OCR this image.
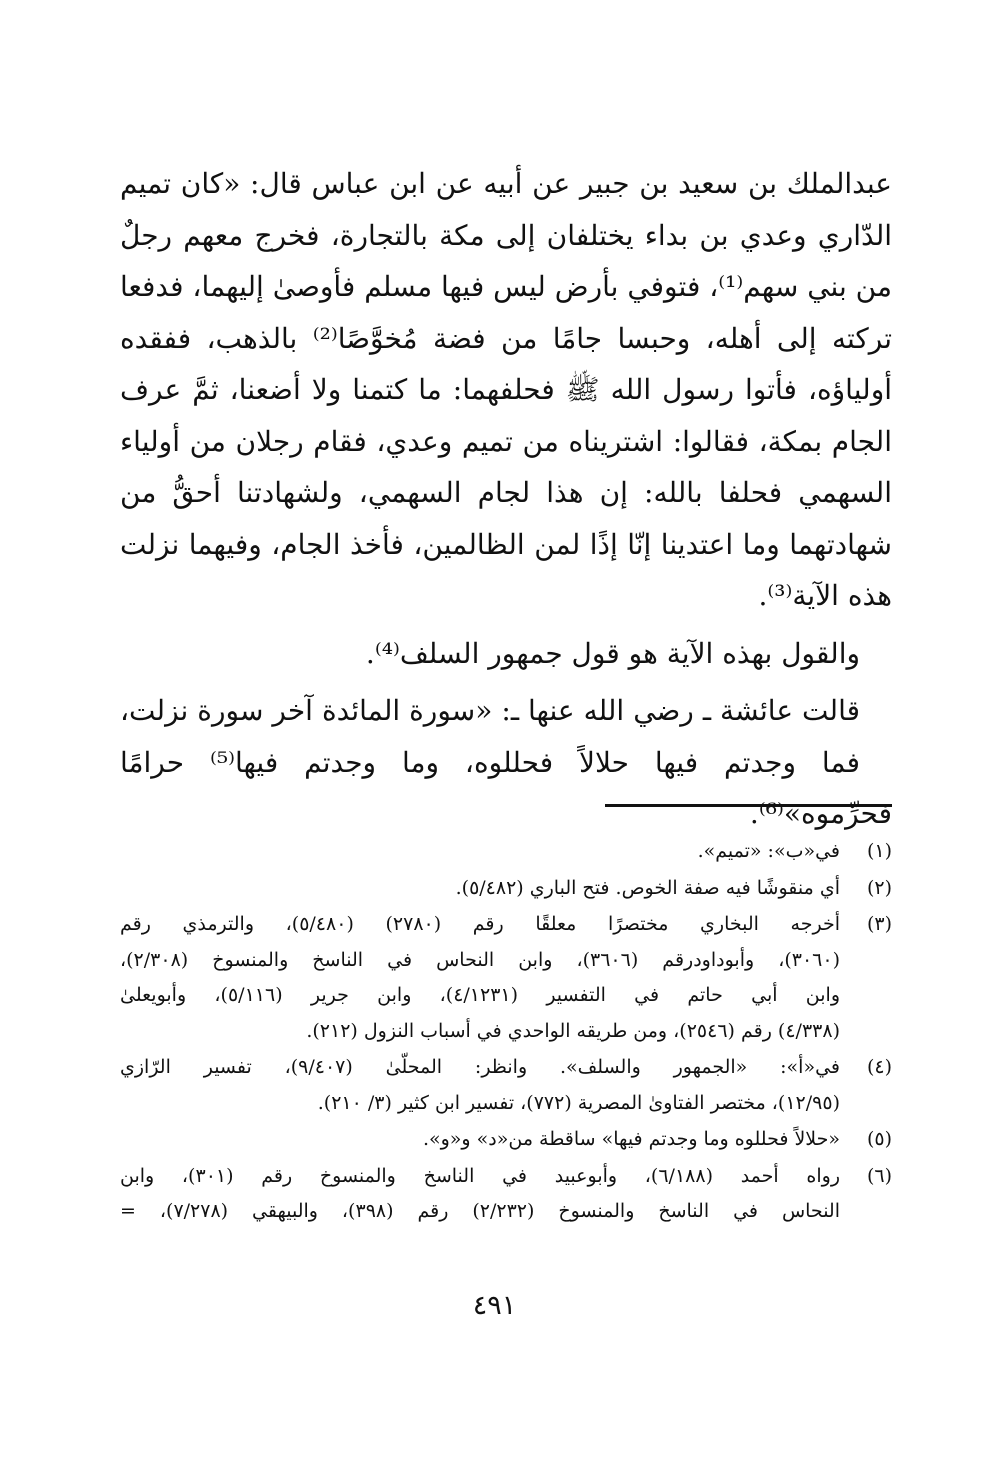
عبدالملك بن سعيد بن جبير عن أبيه عن ابن عباس قال: «كان تميم
الدّاري وعدي بن بداء يختلفان إلى مكة بالتجارة، فخرج معهم رجلٌ
من بني سهم⁽¹⁾، فتوفي بأرض ليس فيها مسلم فأوصىٰ إليهما، فدفعا
تركته إلى أهله، وحبسا جامًا من فضة مُخوَّصًا⁽²⁾ بالذهب، ففقده
أولياؤه، فأتوا رسول الله ﷺ فحلفهما: ما كتمنا ولا أضعنا، ثمَّ عرف
الجام بمكة، فقالوا: اشتريناه من تميم وعدي، فقام رجلان من أولياء
السهمي فحلفا بالله: إن هذا لجام السهمي، ولشهادتنا أحقُّ من
شهادتهما وما اعتدينا إنّا إذًا لمن الظالمين، فأخذ الجام، وفيهما نزلت
هذه الآية⁽³⁾.

والقول بهذه الآية هو قول جمهور السلف⁽⁴⁾.

قالت عائشة ـ رضي الله عنها ـ: «سورة المائدة آخر سورة نزلت،
فما وجدتم فيها حلالاً فحللوه، وما وجدتم فيها⁽⁵⁾ حرامًا فحرِّموه»⁽⁶⁾.

(١)
في«ب»: «تميم».
(٢)
أي منقوشًا فيه صفة الخوص. فتح الباري (٥/٤٨٢).
(٣)
أخرجه البخاري مختصرًا معلقًا رقم (٢٧٨٠) (٥/٤٨٠)، والترمذي رقم
(٣٠٦٠)، وأبوداودرقم (٣٦٠٦)، وابن النحاس في الناسخ والمنسوخ (٢/٣٠٨)،
وابن أبي حاتم في التفسير (٤/١٢٣١)، وابن جرير (٥/١١٦)، وأبويعلىٰ
(٤/٣٣٨) رقم (٢٥٤٦)، ومن طريقه الواحدي في أسباب النزول (٢١٢).
(٤)
في«أ»: «الجمهور والسلف». وانظر: المحلّىٰ (٩/٤٠٧)، تفسير الرّازي
(١٢/٩٥)، مختصر الفتاوىٰ المصرية (٧٧٢)، تفسير ابن كثير (٣/ ٢١٠).
(٥)
«حلالاً فحللوه وما وجدتم فيها» ساقطة من«د» و«و».
(٦)
رواه أحمد (٦/١٨٨)، وأبوعبيد في الناسخ والمنسوخ رقم (٣٠١)، وابن
النحاس في الناسخ والمنسوخ (٢/٢٣٢) رقم (٣٩٨)، والبيهقي (٧/٢٧٨)، =
٤٩١
